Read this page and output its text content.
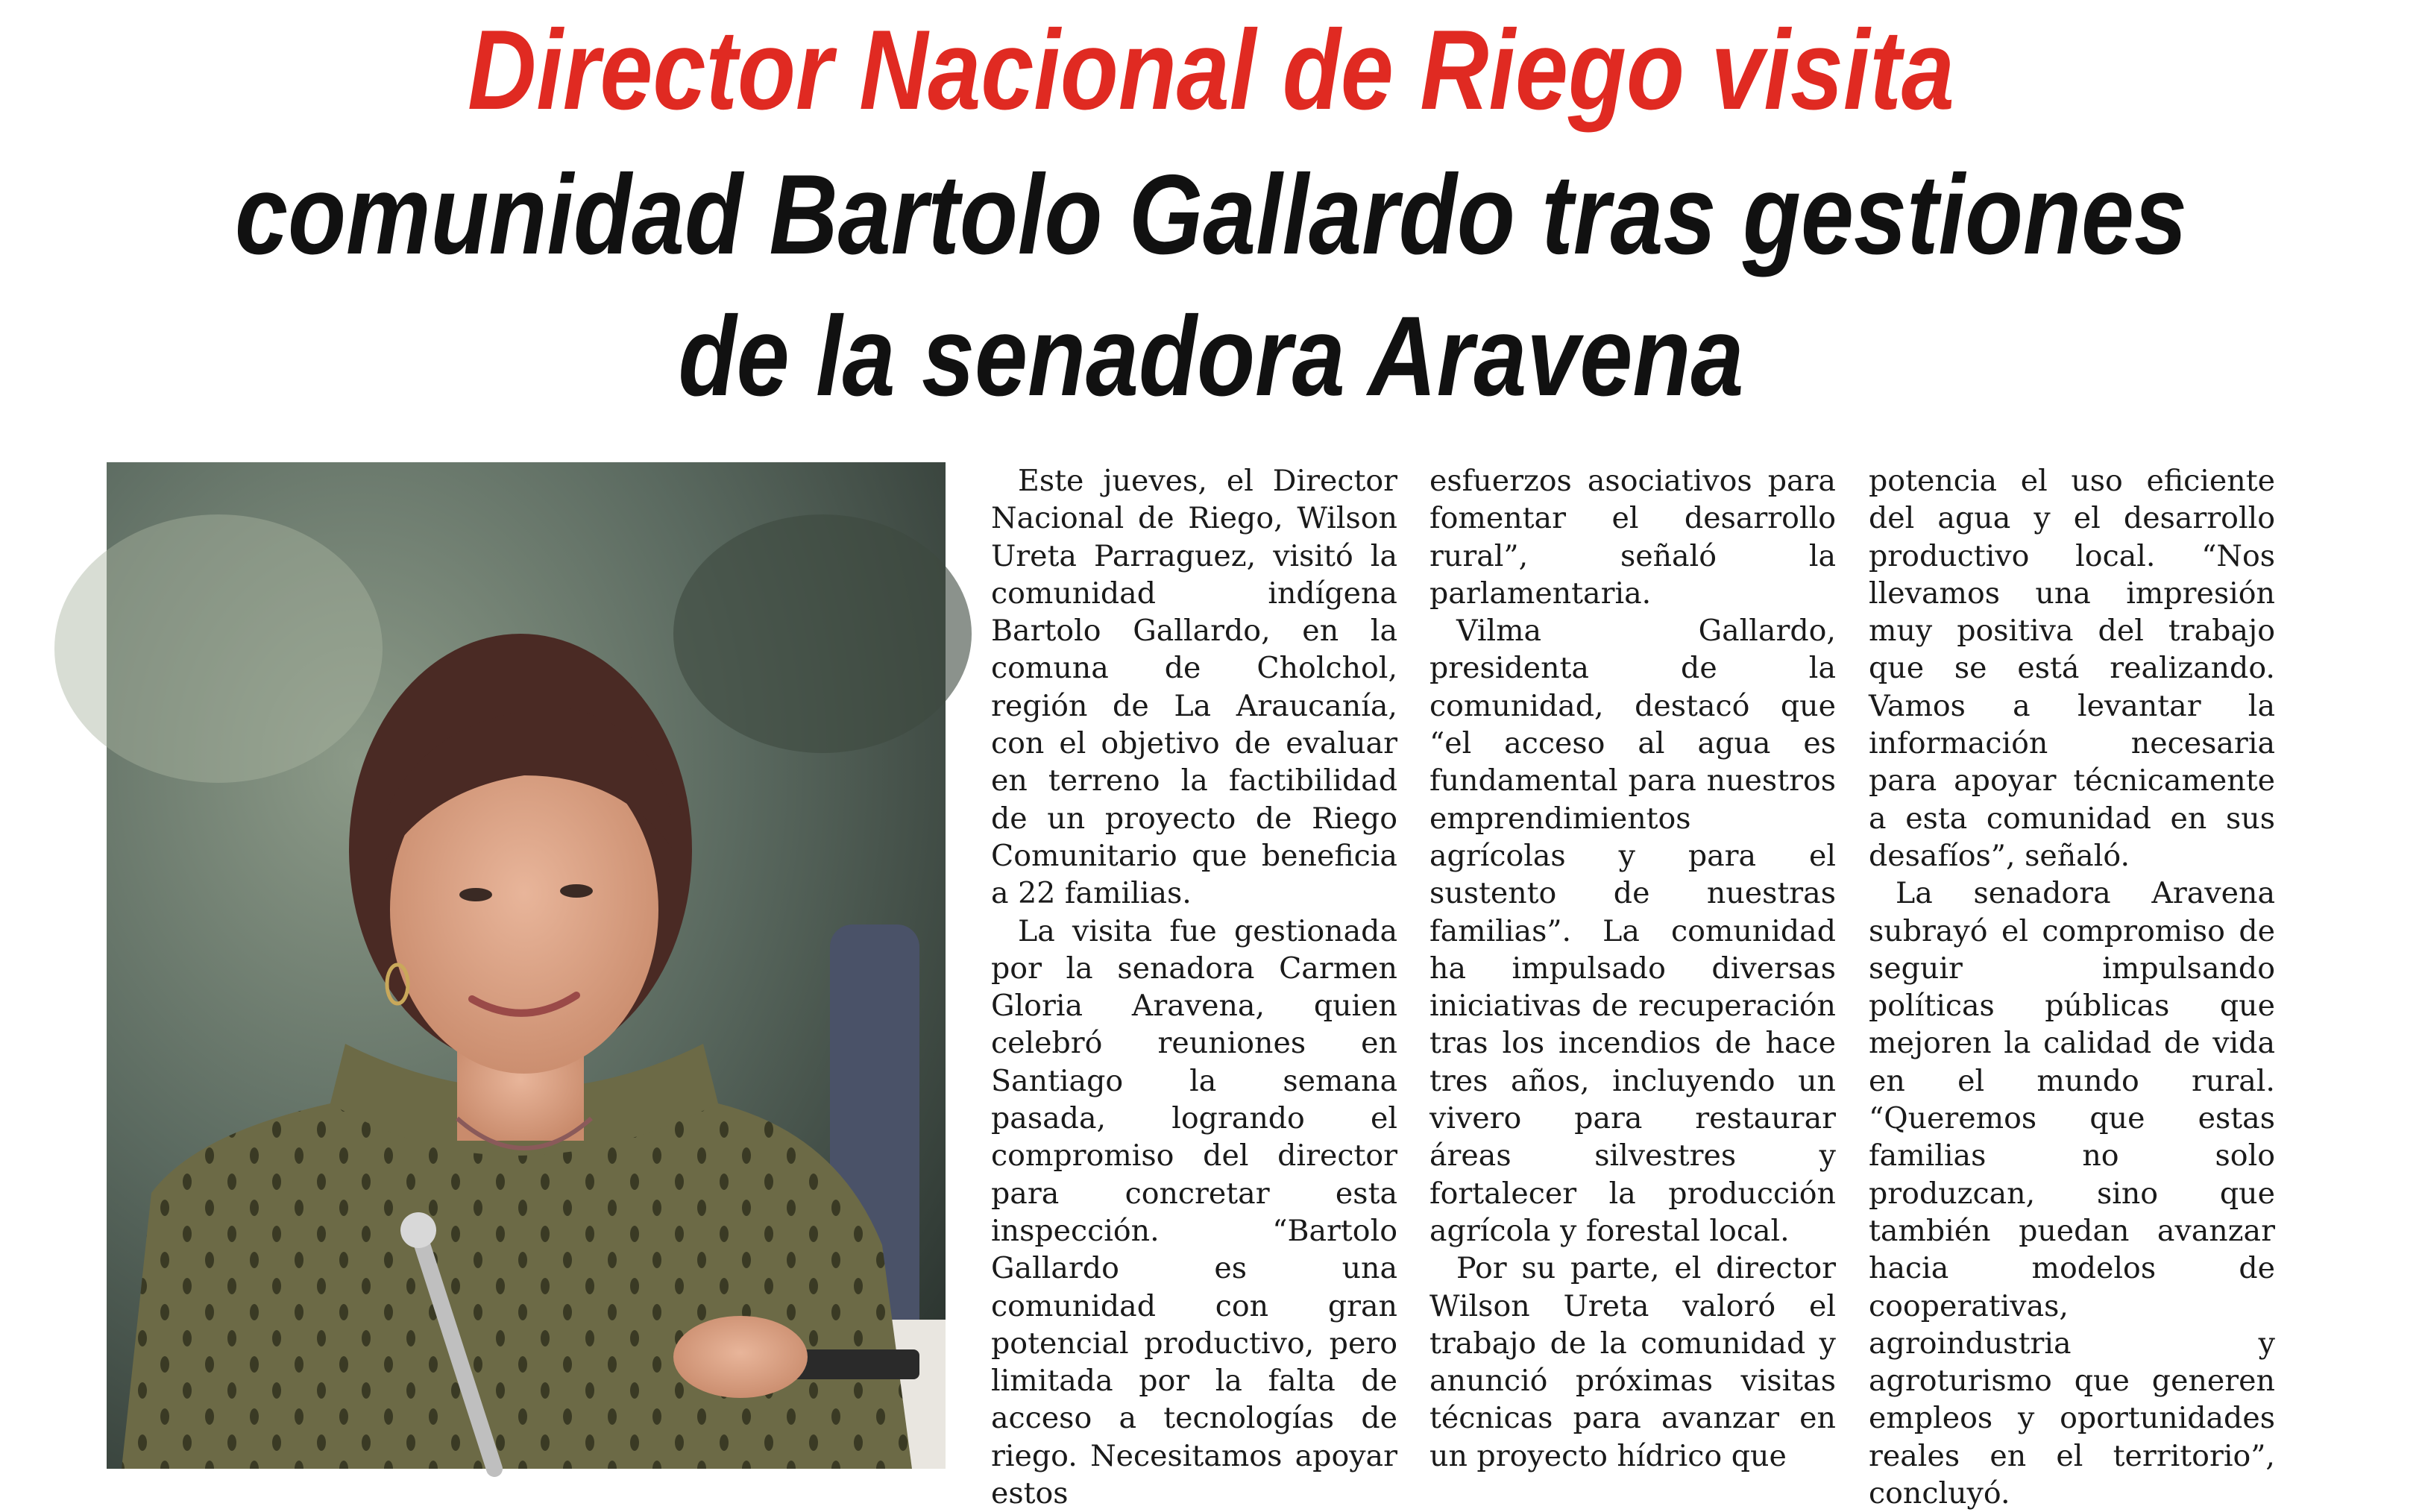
Director Nacional de Riego visita
comunidad Bartolo Gallardo tras gestiones
de la senadora Aravena

Este jueves, el Director Nacional de Riego, Wilson Ureta Parraguez, visitó la comunidad indígena Bartolo Gallardo, en la comuna de Cholchol, región de La Araucanía, con el objetivo de evaluar en terreno la factibilidad de un proyecto de Riego Comunitario que beneficia a 22 familias.

La visita fue gestionada por la senadora Carmen Gloria Aravena, quien celebró reuniones en Santiago la semana pasada, logrando el compromiso del director para concretar esta inspección. “Bartolo Gallardo es una comunidad con gran potencial productivo, pero limitada por la falta de acceso a tecnologías de riego. Necesitamos apoyar estos

esfuerzos asociativos para fomentar el desarrollo rural”, señaló la parlamentaria.

Vilma Gallardo, presidenta de la comunidad, destacó que “el acceso al agua es fundamental para nuestros emprendimientos agrícolas y para el sustento de nuestras familias”. La comunidad ha impulsado diversas iniciativas de recuperación tras los incendios de hace tres años, incluyendo un vivero para restaurar áreas silvestres y fortalecer la producción agrícola y forestal local.

Por su parte, el director Wilson Ureta valoró el trabajo de la comunidad y anunció próximas visitas técnicas para avanzar en un proyecto hídrico que

potencia el uso eficiente del agua y el desarrollo productivo local. “Nos llevamos una impresión muy positiva del trabajo que se está realizando. Vamos a levantar la información necesaria para apoyar técnicamente a esta comunidad en sus desafíos”, señaló.

La senadora Aravena subrayó el compromiso de seguir impulsando políticas públicas que mejoren la calidad de vida en el mundo rural. “Queremos que estas familias no solo produzcan, sino que también puedan avanzar hacia modelos de cooperativas, agroindustria y agroturismo que generen empleos y oportunidades reales en el territorio”, concluyó.
